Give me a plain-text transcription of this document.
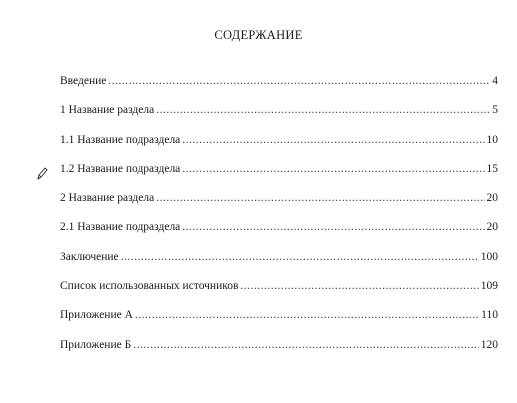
СОДЕРЖАНИЕ
Введение .....	4
1 Название раздела .....	5
1.1 Название подраздела .....	10
1.2 Название подраздела .....	15
2 Название раздела .....	20
2.1 Название подраздела .....	20
Заключение .....	100
Список использованных источников .....	109
Приложение А .....	110
Приложение Б .....	120
